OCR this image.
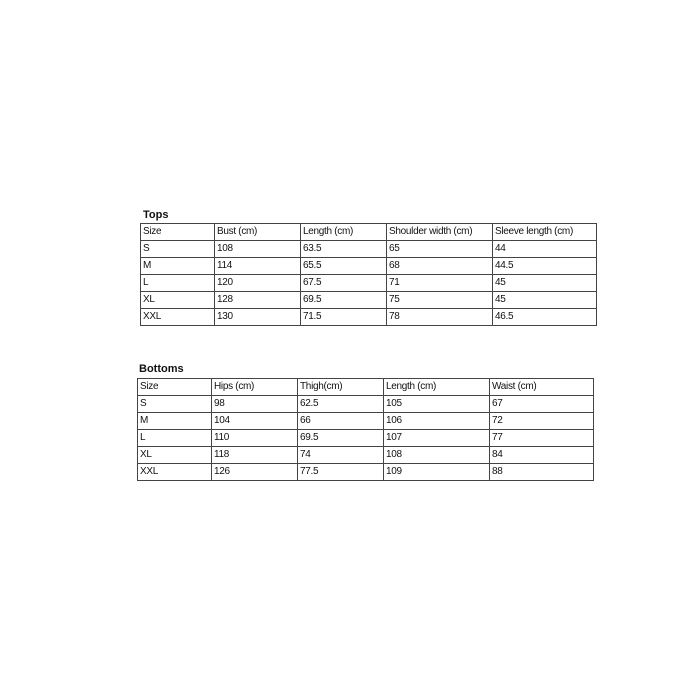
Tops
Size	Bust (cm)	Length (cm)	Shoulder width (cm)	Sleeve length (cm)
S	108	63.5	65	44
M	114	65.5	68	44.5
L	120	67.5	71	45
XL	128	69.5	75	45
XXL	130	71.5	78	46.5
Bottoms
Size	Hips (cm)	Thigh(cm)	Length (cm)	Waist (cm)
S	98	62.5	105	67
M	104	66	106	72
L	110	69.5	107	77
XL	118	74	108	84
XXL	126	77.5	109	88
